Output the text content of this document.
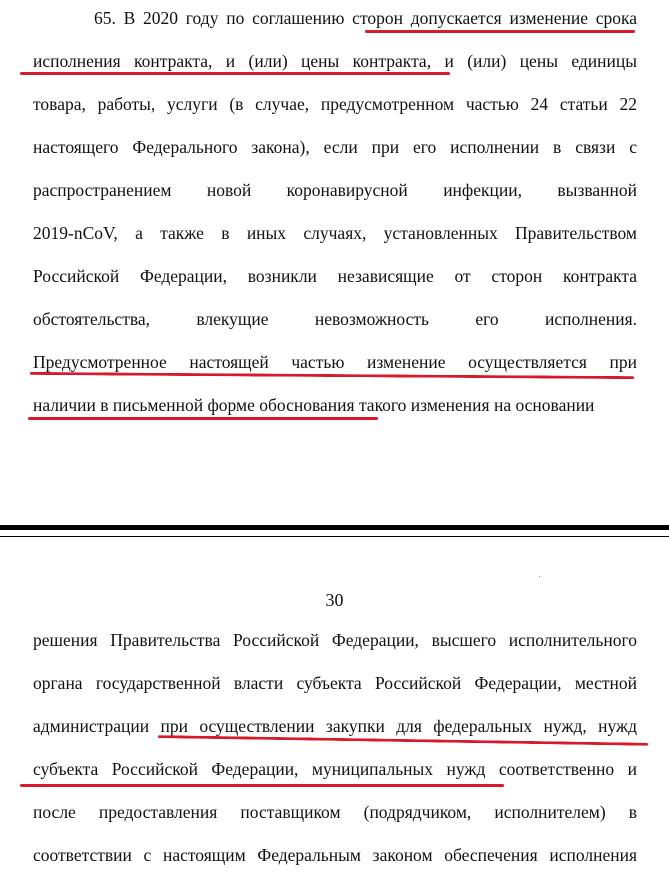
65. В 2020 году по соглашению сторон допускается изменение срока
исполнения контракта, и (или) цены контракта, и (или) цены единицы
товара, работы, услуги (в случае, предусмотренном частью 24 статьи 22
настоящего Федерального закона), если при его исполнении в связи с
распространением новой коронавирусной инфекции, вызванной
2019-nCoV, а также в иных случаях, установленных Правительством
Российской Федерации, возникли независящие от сторон контракта
обстоятельства, влекущие невозможность его исполнения.
Предусмотренное настоящей частью изменение осуществляется при
наличии в письменной форме обоснования такого изменения на основании
30
решения Правительства Российской Федерации, высшего исполнительного
органа государственной власти субъекта Российской Федерации, местной
администрации при осуществлении закупки для федеральных нужд, нужд
субъекта Российской Федерации, муниципальных нужд соответственно и
после предоставления поставщиком (подрядчиком, исполнителем) в
соответствии с настоящим Федеральным законом обеспечения исполнения
